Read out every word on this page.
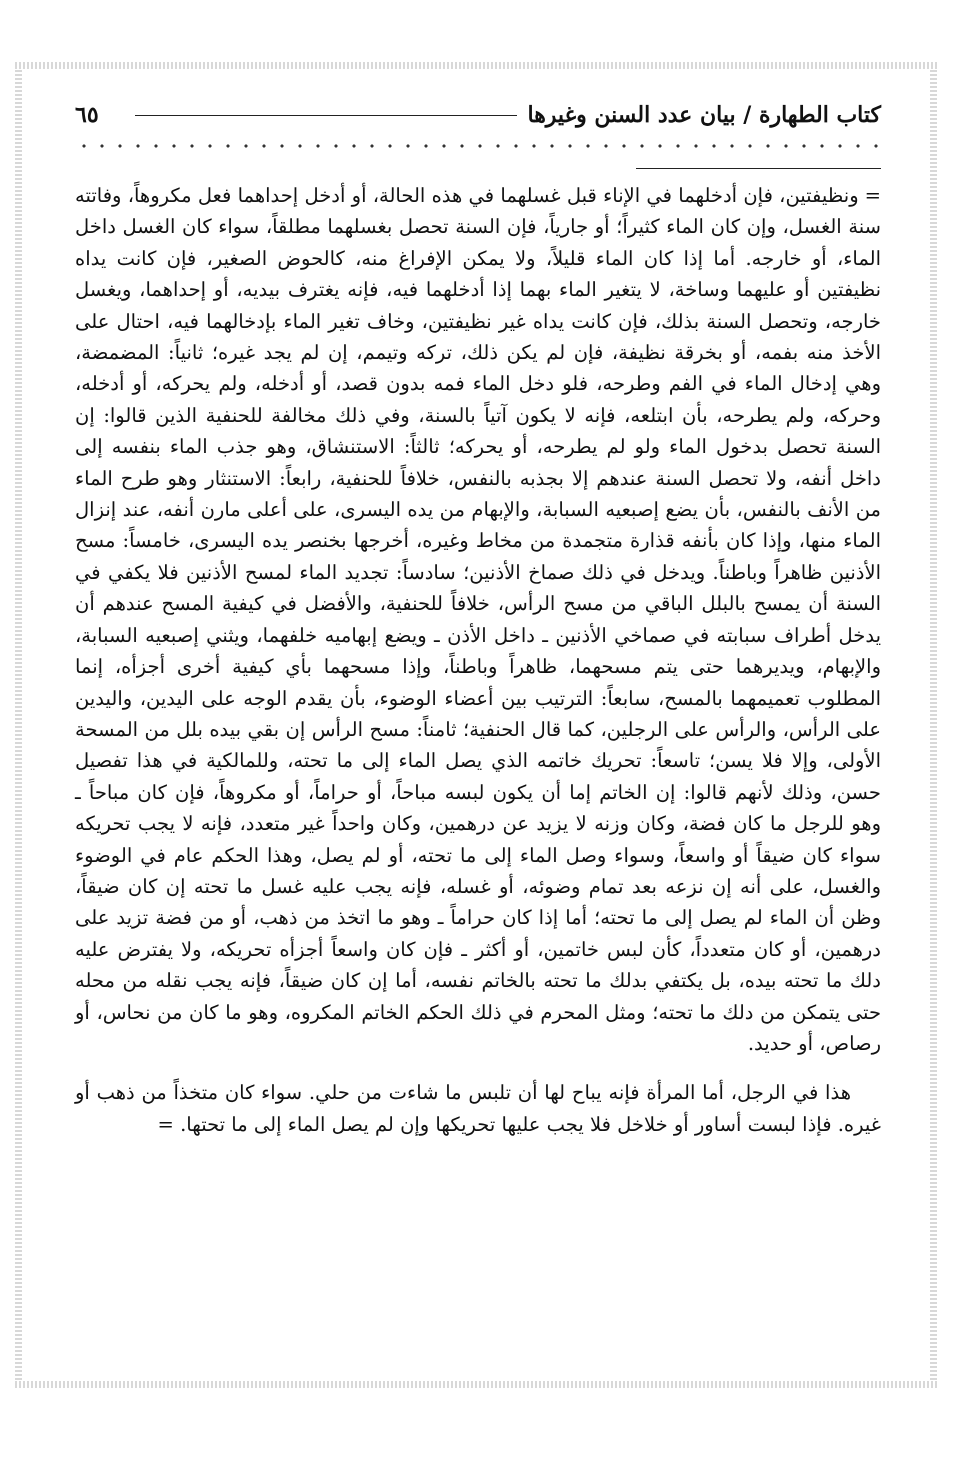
٦٥	كتاب الطهارة / بيان عدد السنن وغيرها

=ونظيفتين، فإن أدخلهما في الإناء قبل غسلهما في هذه الحالة، أو أدخل إحداهما فعل مكروهاً، وفاتته سنة الغسل، وإن كان الماء كثيراً؛ أو جارياً، فإن السنة تحصل بغسلهما مطلقاً، سواء كان الغسل داخل الماء، أو خارجه. أما إذا كان الماء قليلاً، ولا يمكن الإفراغ منه، كالحوض الصغير، فإن كانت يداه نظيفتين أو عليهما وساخة، لا يتغير الماء بهما إذا أدخلهما فيه، فإنه يغترف بيديه، أو إحداهما، ويغسل خارجه، وتحصل السنة بذلك، فإن كانت يداه غير نظيفتين، وخاف تغير الماء بإدخالهما فيه، احتال على الأخذ منه بفمه، أو بخرقة نظيفة، فإن لم يكن ذلك، تركه وتيمم، إن لم يجد غيره؛ ثانياً: المضمضة، وهي إدخال الماء في الفم وطرحه، فلو دخل الماء فمه بدون قصد، أو أدخله، ولم يحركه، أو أدخله، وحركه، ولم يطرحه، بأن ابتلعه، فإنه لا يكون آتياً بالسنة، وفي ذلك مخالفة للحنفية الذين قالوا: إن السنة تحصل بدخول الماء ولو لم يطرحه، أو يحركه؛ ثالثاً: الاستنشاق، وهو جذب الماء بنفسه إلى داخل أنفه، ولا تحصل السنة عندهم إلا بجذبه بالنفس، خلافاً للحنفية، رابعاً: الاستنثار وهو طرح الماء من الأنف بالنفس، بأن يضع إصبعيه السبابة، والإبهام من يده اليسرى، على أعلى مارن أنفه، عند إنزال الماء منها، وإذا كان بأنفه قذارة متجمدة من مخاط وغيره، أخرجها بخنصر يده اليسرى، خامساً: مسح الأذنين ظاهراً وباطناً. ويدخل في ذلك صماخ الأذنين؛ سادساً: تجديد الماء لمسح الأذنين فلا يكفي في السنة أن يمسح بالبلل الباقي من مسح الرأس، خلافاً للحنفية، والأفضل في كيفية المسح عندهم أن يدخل أطراف سبابته في صماخي الأذنين ـ داخل الأذن ـ ويضع إبهاميه خلفهما، ويثني إصبعيه السبابة، والإبهام، ويديرهما حتى يتم مسحهما، ظاهراً وباطناً، وإذا مسحهما بأي كيفية أخرى أجزأه، إنما المطلوب تعميمهما بالمسح، سابعاً: الترتيب بين أعضاء الوضوء، بأن يقدم الوجه على اليدين، واليدين على الرأس، والرأس على الرجلين، كما قال الحنفية؛ ثامناً: مسح الرأس إن بقي بيده بلل من المسحة الأولى، وإلا فلا يسن؛ تاسعاً: تحريك خاتمه الذي يصل الماء إلى ما تحته، وللمالكية في هذا تفصيل حسن، وذلك لأنهم قالوا: إن الخاتم إما أن يكون لبسه مباحاً، أو حراماً، أو مكروهاً، فإن كان مباحاً ـ وهو للرجل ما كان فضة، وكان وزنه لا يزيد عن درهمين، وكان واحداً غير متعدد، فإنه لا يجب تحريكه سواء كان ضيقاً أو واسعاً، وسواء وصل الماء إلى ما تحته، أو لم يصل، وهذا الحكم عام في الوضوء والغسل، على أنه إن نزعه بعد تمام وضوئه، أو غسله، فإنه يجب عليه غسل ما تحته إن كان ضيقاً، وظن أن الماء لم يصل إلى ما تحته؛ أما إذا كان حراماً ـ وهو ما اتخذ من ذهب، أو من فضة تزيد على درهمين، أو كان متعدداً، كأن لبس خاتمين، أو أكثر ـ فإن كان واسعاً أجزأه تحريكه، ولا يفترض عليه دلك ما تحته بيده، بل يكتفي بدلك ما تحته بالخاتم نفسه، أما إن كان ضيقاً، فإنه يجب نقله من محله حتى يتمكن من دلك ما تحته؛ ومثل المحرم في ذلك الحكم الخاتم المكروه، وهو ما كان من نحاس، أو رصاص، أو حديد.

هذا في الرجل، أما المرأة فإنه يباح لها أن تلبس ما شاءت من حلي. سواء كان متخذاً من ذهب أو غيره. فإذا لبست أساور أو خلاخل فلا يجب عليها تحريكها وإن لم يصل الماء إلى ما تحتها. =
